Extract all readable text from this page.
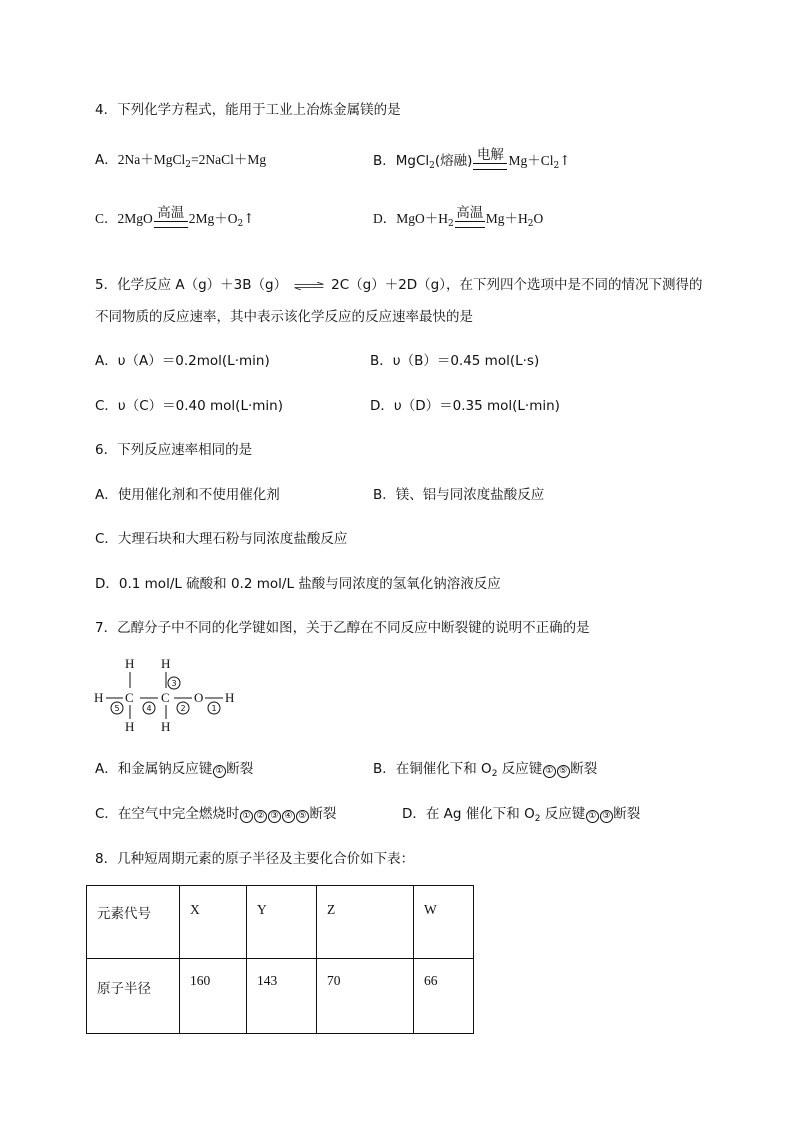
4．下列化学方程式，能用于工业上冶炼金属镁的是
A．2Na＋MgCl$_2$=2NaCl＋Mg	B．MgCl$_2$(熔融) 电解 $Mg+Cl_2↑$
C．2MgO 高温 $2Mg+O_2↑$	D．$MgO+H_2$
高温 $Mg+H_2O$
5．化学反应 A（g）＋3B（g） ⇌ 2C（g）＋2D（g），在下列四个选项中是不同的情况下测得的
不同物质的反应速率，其中表示该化学反应的反应速率最快的是
A．υ（A）＝0.2mol(L·min)	B．υ（B）＝0.45 mol(L·s)
C．υ（C）＝0.40 mol(L·min)	D．υ（D）＝0.35 mol(L·min)
6．下列反应速率相同的是
A．使用催化剂和不使用催化剂	B．镁、铝与同浓度盐酸反应
C．大理石块和大理石粉与同浓度盐酸反应
D．0.1 mol/L 硫酸和 0.2 mol/L 盐酸与同浓度的氢氧化钠溶液反应
7．乙醇分子中不同的化学键如图，关于乙醇在不同反应中断裂键的说明不正确的是
H H
H C C O H
H H
5	4	2	1
3
A．和金属钠反应键 ① 断裂	B．在铜催化下和 $O_2$ 反应键 ① ⑤ 断裂
C．在空气中完全燃烧时 ① ② ③ ④ ⑤ 断裂	D．在 Ag 催化下和 $O_2$ 反应键 ① ③ 断裂
8．几种短周期元素的原子半径及主要化合价如下表：
元素代号	X	Y	Z	W
原子半径	160	143	70	66
